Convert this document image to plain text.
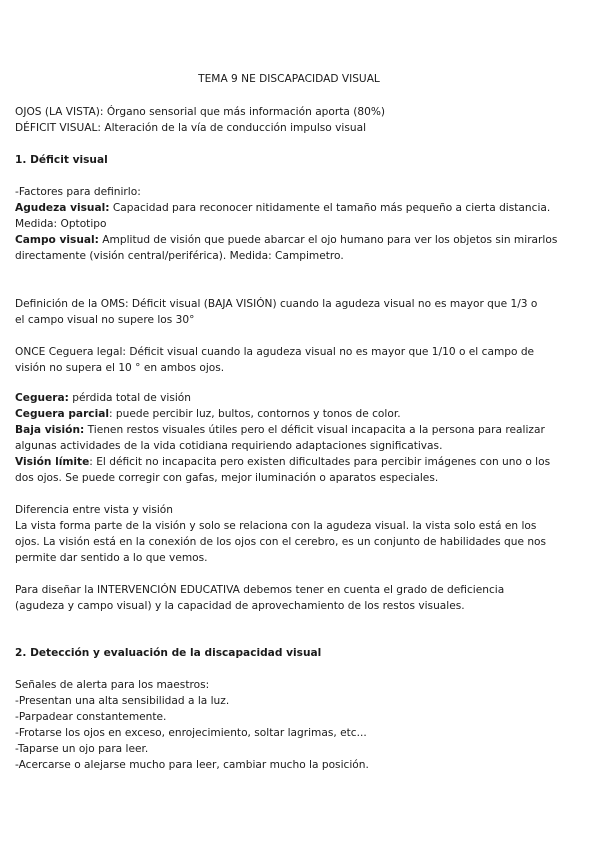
TEMA 9 NE DISCAPACIDAD VISUAL
OJOS (LA VISTA): Órgano sensorial que más información aporta (80%)
DÉFICIT VISUAL: Alteración de la vía de conducción impulso visual
1. Déficit visual
-Factores para definirlo:
Agudeza visual: Capacidad para reconocer nitidamente el tamaño más pequeño a cierta distancia.
Medida: Optotipo
Campo visual: Amplitud de visión que puede abarcar el ojo humano para ver los objetos sin mirarlos directamente (visión central/periférica). Medida: Campimetro.
Definición de la OMS: Déficit visual (BAJA VISIÓN) cuando la agudeza visual no es mayor que 1/3 o
el campo visual no supere los 30°
ONCE Ceguera legal: Déficit visual cuando la agudeza visual no es mayor que 1/10 o el campo de
visión no supera el 10 ° en ambos ojos.
Ceguera: pérdida total de visión
Ceguera parcial: puede percibir luz, bultos, contornos y tonos de color.
Baja visión: Tienen restos visuales útiles pero el déficit visual incapacita a la persona para realizar
algunas actividades de la vida cotidiana requiriendo adaptaciones significativas.
Visión límite: El déficit no incapacita pero existen dificultades para percibir imágenes con uno o los
dos ojos. Se puede corregir con gafas, mejor iluminación o aparatos especiales.
Diferencia entre vista y visión
La vista forma parte de la visión y solo se relaciona con la agudeza visual. la vista solo está en los
ojos. La visión está en la conexión de los ojos con el cerebro, es un conjunto de habilidades que nos
permite dar sentido a lo que vemos.
Para diseñar la INTERVENCIÓN EDUCATIVA debemos tener en cuenta el grado de deficiencia
(agudeza y campo visual) y la capacidad de aprovechamiento de los restos visuales.
2. Detección y evaluación de la discapacidad visual
Señales de alerta para los maestros:
-Presentan una alta sensibilidad a la luz.
-Parpadear constantemente.
-Frotarse los ojos en exceso, enrojecimiento, soltar lagrimas, etc...
-Taparse un ojo para leer.
-Acercarse o alejarse mucho para leer, cambiar mucho la posición.
